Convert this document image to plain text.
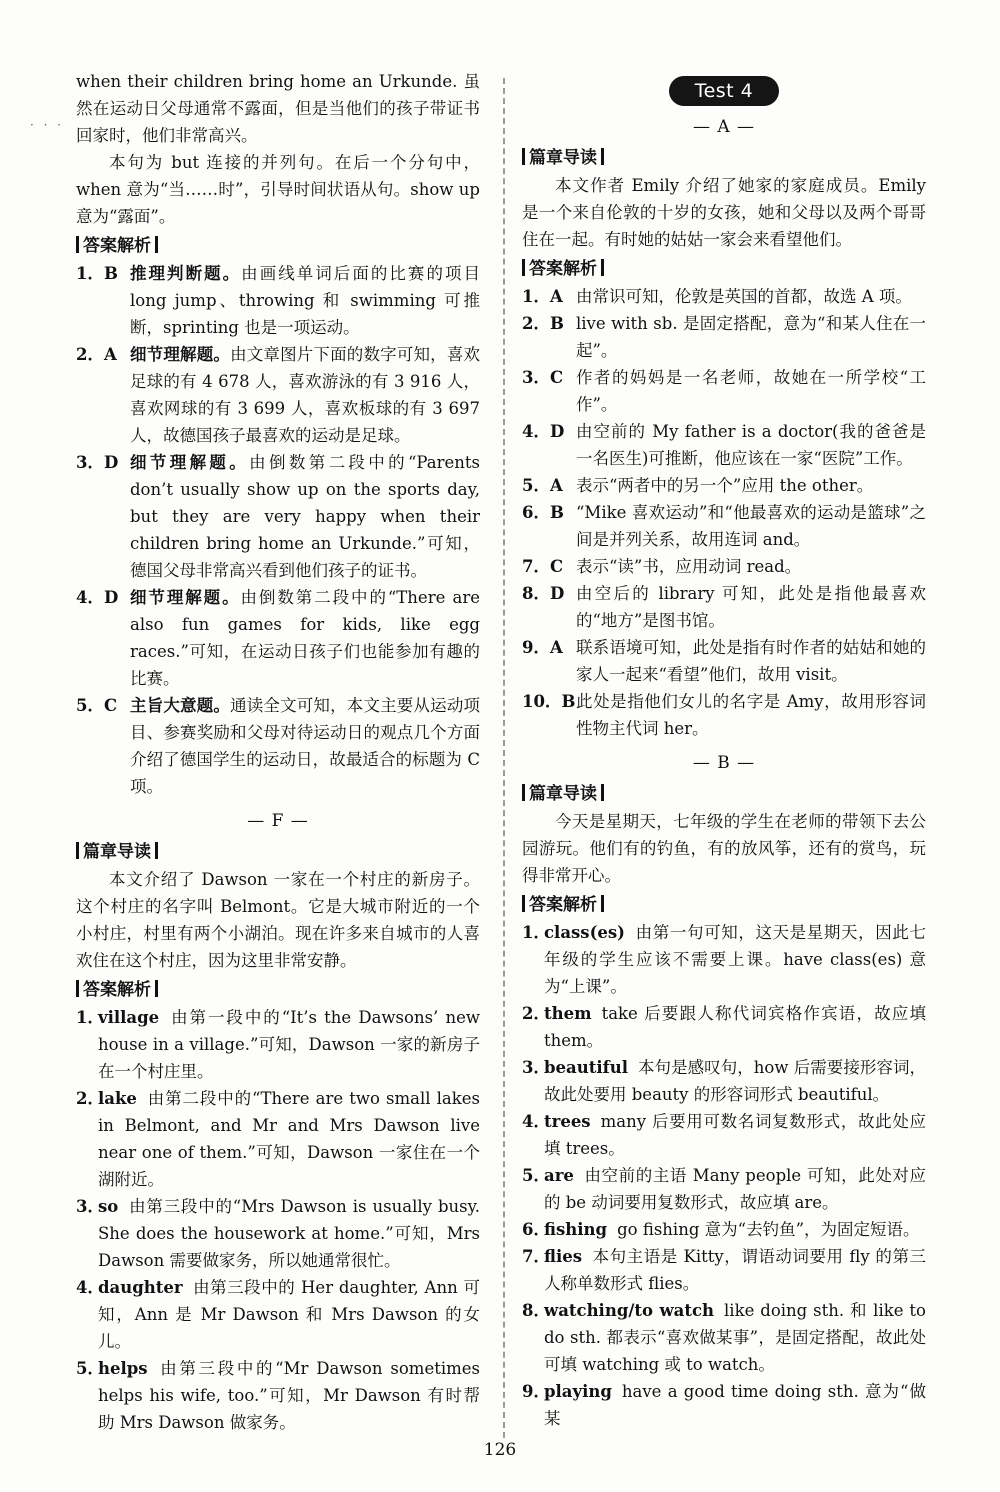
· · ·

when their children bring home an Urkunde. 虽然在运动日父母通常不露面，但是当他们的孩子带证书回家时，他们非常高兴。

本句为 but 连接的并列句。在后一个分句中，when 意为“当……时”，引导时间状语从句。show up 意为“露面”。

答案解析
1．B 推理判断题。由画线单词后面的比赛的项目 long jump、throwing 和 swimming 可推断，sprinting 也是一项运动。
2．A 细节理解题。由文章图片下面的数字可知，喜欢足球的有 4 678 人，喜欢游泳的有 3 916 人，喜欢网球的有 3 699 人，喜欢板球的有 3 697 人，故德国孩子最喜欢的运动是足球。
3．D 细节理解题。由倒数第二段中的“Parents don’t usually show up on the sports day, but they are very happy when their children bring home an Urkunde.”可知，德国父母非常高兴看到他们孩子的证书。
4．D 细节理解题。由倒数第二段中的“There are also fun games for kids, like egg races.”可知，在运动日孩子们也能参加有趣的比赛。
5．C 主旨大意题。通读全文可知，本文主要从运动项目、参赛奖励和父母对待运动日的观点几个方面介绍了德国学生的运动日，故最适合的标题为 C 项。
— F —
篇章导读

本文介绍了 Dawson 一家在一个村庄的新房子。这个村庄的名字叫 Belmont。它是大城市附近的一个小村庄，村里有两个小湖泊。现在许多来自城市的人喜欢住在这个村庄，因为这里非常安静。

答案解析
1．
village 由第一段中的“It’s the Dawsons’ new house in a village.”可知，Dawson 一家的新房子在一个村庄里。
2．
lake 由第二段中的“There are two small lakes in Belmont, and Mr and Mrs Dawson live near one of them.”可知，Dawson 一家住在一个湖附近。
3．
so 由第三段中的“Mrs Dawson is usually busy. She does the housework at home.”可知，Mrs Dawson 需要做家务，所以她通常很忙。
4．
daughter 由第三段中的 Her daughter, Ann 可知，Ann 是 Mr Dawson 和 Mrs Dawson 的女儿。
5．
helps 由第三段中的“Mr Dawson sometimes helps his wife, too.”可知，Mr Dawson 有时帮助 Mrs Dawson 做家务。
Test 4
— A —
篇章导读

本文作者 Emily 介绍了她家的家庭成员。Emily 是一个来自伦敦的十岁的女孩，她和父母以及两个哥哥住在一起。有时她的姑姑一家会来看望他们。

答案解析
1．A 由常识可知，伦敦是英国的首都，故选 A 项。
2．B live with sb. 是固定搭配，意为“和某人住在一起”。
3．C 作者的妈妈是一名老师，故她在一所学校“工作”。
4．D 由空前的 My father is a doctor(我的爸爸是一名医生)可推断，他应该在一家“医院”工作。
5．A 表示“两者中的另一个”应用 the other。
6．B “Mike 喜欢运动”和“他最喜欢的运动是篮球”之间是并列关系，故用连词 and。
7．C 表示“读”书，应用动词 read。
8．D 由空后的 library 可知，此处是指他最喜欢的“地方”是图书馆。
9．A 联系语境可知，此处是指有时作者的姑姑和她的家人一起来“看望”他们，故用 visit。
10．B 此处是指他们女儿的名字是 Amy，故用形容词性物主代词 her。
— B —
篇章导读

今天是星期天，七年级的学生在老师的带领下去公园游玩。他们有的钓鱼，有的放风筝，还有的赏鸟，玩得非常开心。

答案解析
1．
class(es) 由第一句可知，这天是星期天，因此七年级的学生应该不需要上课。have class(es) 意为“上课”。
2．
them take 后要跟人称代词宾格作宾语，故应填 them。
3．
beautiful 本句是感叹句，how 后需要接形容词，故此处要用 beauty 的形容词形式 beautiful。
4．
trees many 后要用可数名词复数形式，故此处应填 trees。
5．
are 由空前的主语 Many people 可知，此处对应的 be 动词要用复数形式，故应填 are。
6．
fishing go fishing 意为“去钓鱼”，为固定短语。
7．
flies 本句主语是 Kitty，谓语动词要用 fly 的第三人称单数形式 flies。
8．
watching/to watch like doing sth. 和 like to do sth. 都表示“喜欢做某事”，是固定搭配，故此处可填 watching 或 to watch。
9．
playing have a good time doing sth. 意为“做某
126
